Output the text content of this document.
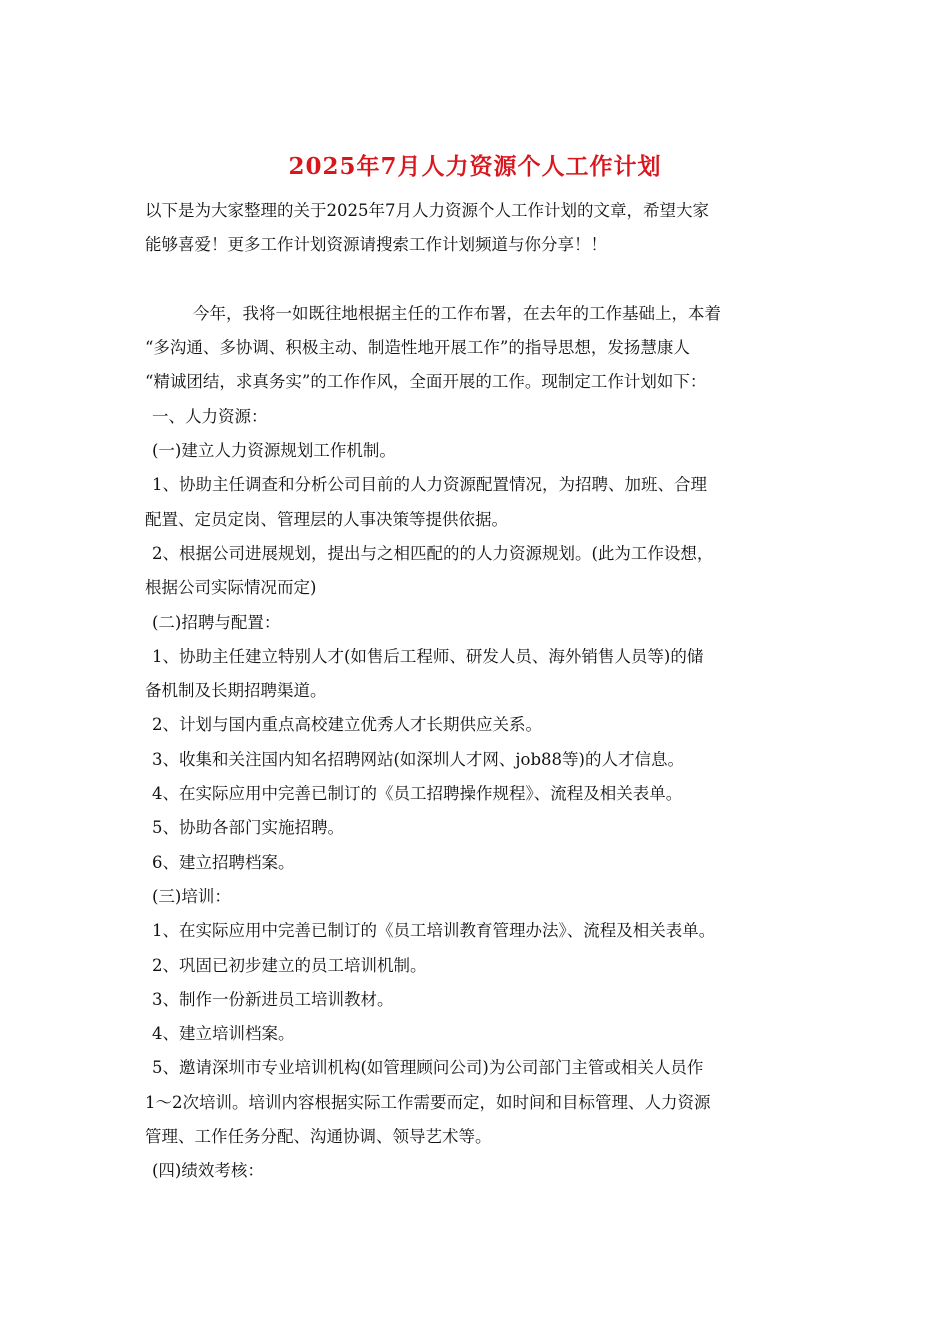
2025年7月人力资源个人工作计划

以下是为大家整理的关于2025年7月人力资源个人工作计划的文章，希望大家

能够喜爱！更多工作计划资源请搜索工作计划频道与你分享！！

今年，我将一如既往地根据主任的工作布署，在去年的工作基础上，本着

“多沟通、多协调、积极主动、制造性地开展工作”的指导思想，发扬慧康人

“精诚团结，求真务实”的工作作风，全面开展的工作。现制定工作计划如下：

一、人力资源：

(一)建立人力资源规划工作机制。

1、协助主任调查和分析公司目前的人力资源配置情况，为招聘、加班、合理

配置、定员定岗、管理层的人事决策等提供依据。

2、根据公司进展规划，提出与之相匹配的的人力资源规划。(此为工作设想，

根据公司实际情况而定)

(二)招聘与配置：

1、协助主任建立特别人才(如售后工程师、研发人员、海外销售人员等)的储

备机制及长期招聘渠道。

2、计划与国内重点高校建立优秀人才长期供应关系。

3、收集和关注国内知名招聘网站(如深圳人才网、job88等)的人才信息。

4、在实际应用中完善已制订的《员工招聘操作规程》、流程及相关表单。

5、协助各部门实施招聘。

6、建立招聘档案。

(三)培训：

1、在实际应用中完善已制订的《员工培训教育管理办法》、流程及相关表单。

2、巩固已初步建立的员工培训机制。

3、制作一份新进员工培训教材。

4、建立培训档案。

5、邀请深圳市专业培训机构(如管理顾问公司)为公司部门主管或相关人员作

1～2次培训。培训内容根据实际工作需要而定，如时间和目标管理、人力资源

管理、工作任务分配、沟通协调、领导艺术等。

(四)绩效考核：
